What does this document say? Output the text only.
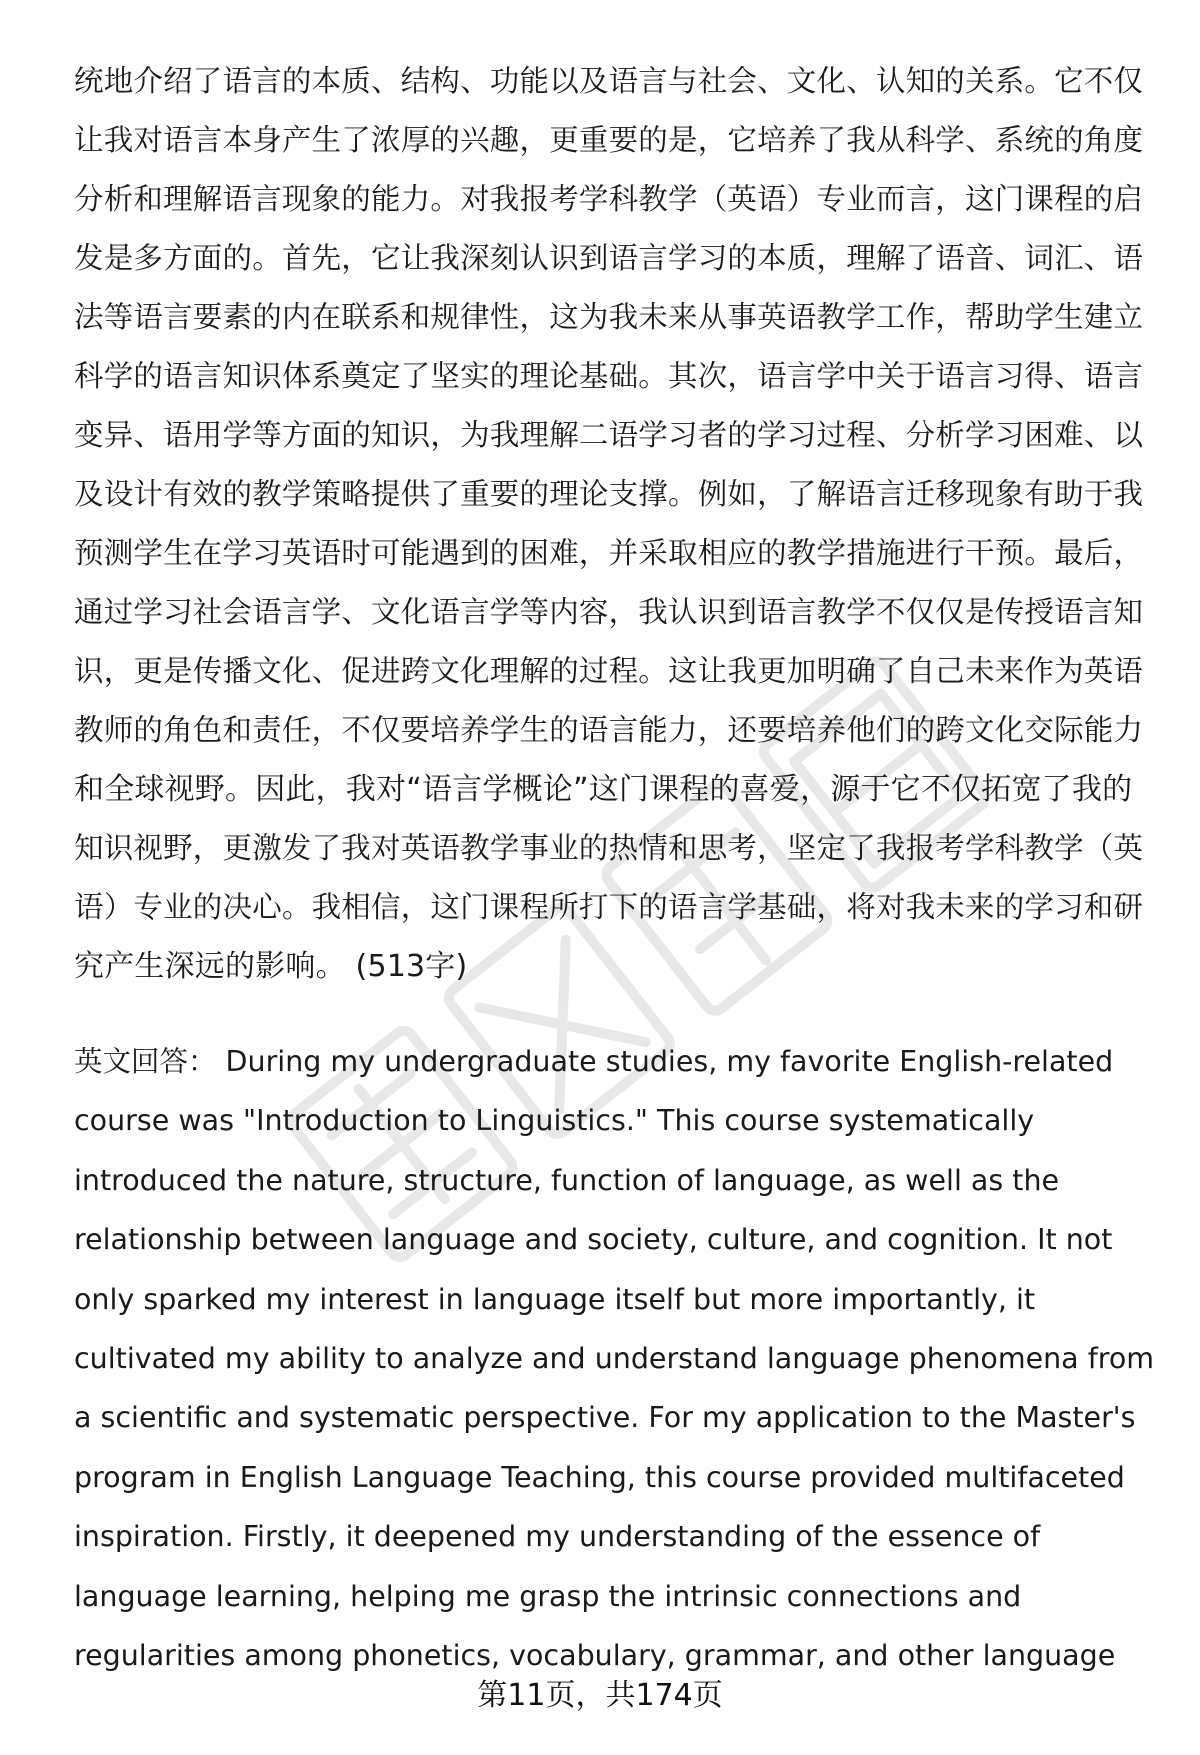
统地介绍了语言的本质、结构、功能以及语言与社会、文化、认知的关系。它不仅
让我对语言本身产生了浓厚的兴趣，更重要的是，它培养了我从科学、系统的角度
分析和理解语言现象的能力。对我报考学科教学（英语）专业而言，这门课程的启
发是多方面的。首先，它让我深刻认识到语言学习的本质，理解了语音、词汇、语
法等语言要素的内在联系和规律性，这为我未来从事英语教学工作，帮助学生建立
科学的语言知识体系奠定了坚实的理论基础。其次，语言学中关于语言习得、语言
变异、语用学等方面的知识，为我理解二语学习者的学习过程、分析学习困难、以
及设计有效的教学策略提供了重要的理论支撑。例如，了解语言迁移现象有助于我
预测学生在学习英语时可能遇到的困难，并采取相应的教学措施进行干预。最后，
通过学习社会语言学、文化语言学等内容，我认识到语言教学不仅仅是传授语言知
识，更是传播文化、促进跨文化理解的过程。这让我更加明确了自己未来作为英语
教师的角色和责任，不仅要培养学生的语言能力，还要培养他们的跨文化交际能力
和全球视野。因此，我对“语言学概论”这门课程的喜爱，源于它不仅拓宽了我的
知识视野，更激发了我对英语教学事业的热情和思考，坚定了我报考学科教学（英
语）专业的决心。我相信，这门课程所打下的语言学基础，将对我未来的学习和研
究产生深远的影响。 (513字)
英文回答： During my undergraduate studies, my favorite English-related
course was "Introduction to Linguistics." This course systematically
introduced the nature, structure, function of language, as well as the
relationship between language and society, culture, and cognition. It not
only sparked my interest in language itself but more importantly, it
cultivated my ability to analyze and understand language phenomena from
a scientific and systematic perspective. For my application to the Master's
program in English Language Teaching, this course provided multifaceted
inspiration. Firstly, it deepened my understanding of the essence of
language learning, helping me grasp the intrinsic connections and
regularities among phonetics, vocabulary, grammar, and other language
第11页，共174页
